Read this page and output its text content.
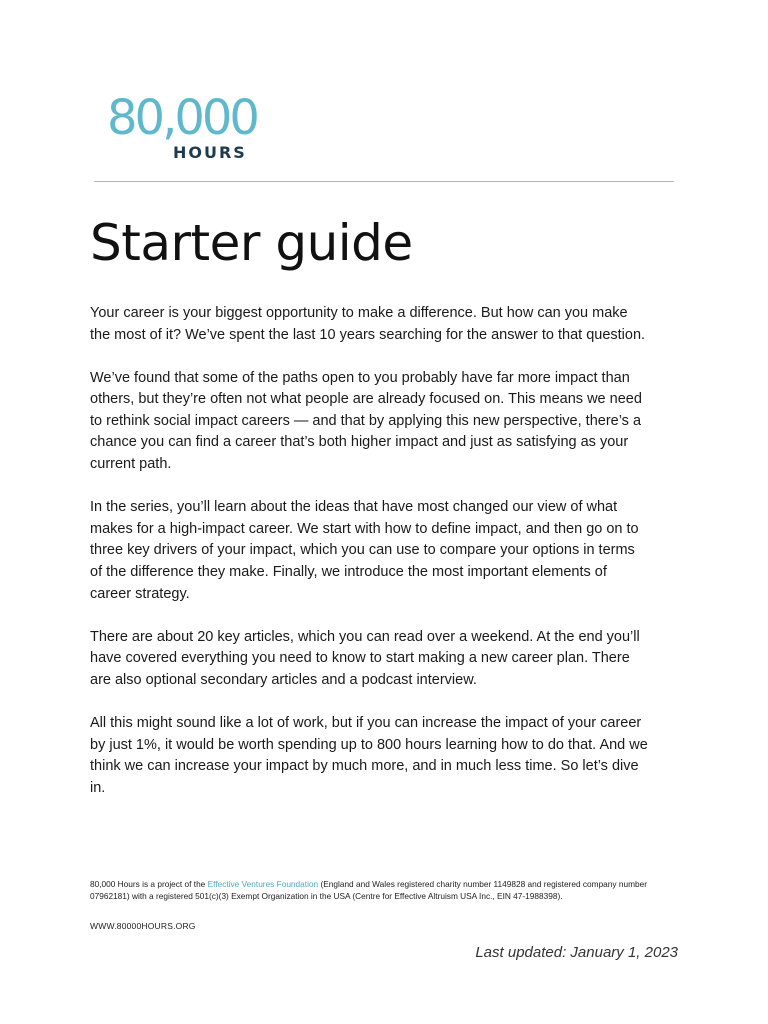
80,000
HOURS
Starter guide

Your career is your biggest opportunity to make a difference. But how can you make the most of it? We’ve spent the last 10 years searching for the answer to that question.

We’ve found that some of the paths open to you probably have far more impact than others, but they’re often not what people are already focused on. This means we need to rethink social impact careers — and that by applying this new perspective, there’s a chance you can find a career that’s both higher impact and just as satisfying as your current path.

In the series, you’ll learn about the ideas that have most changed our view of what makes for a high-impact career. We start with how to define impact, and then go on to three key drivers of your impact, which you can use to compare your options in terms of the difference they make. Finally, we introduce the most important elements of career strategy.

There are about 20 key articles, which you can read over a weekend. At the end you’ll have covered everything you need to know to start making a new career plan. There are also optional secondary articles and a podcast interview.

All this might sound like a lot of work, but if you can increase the impact of your career by just 1%, it would be worth spending up to 800 hours learning how to do that. And we think we can increase your impact by much more, and in much less time. So let’s dive in.

80,000 Hours is a project of the Effective Ventures Foundation (England and Wales registered charity number 1149828 and registered company number 07962181) with a registered 501(c)(3) Exempt Organization in the USA (Centre for Effective Altruism USA Inc., EIN 47-1988398).

WWW.80000HOURS.ORG
Last updated: January 1, 2023
